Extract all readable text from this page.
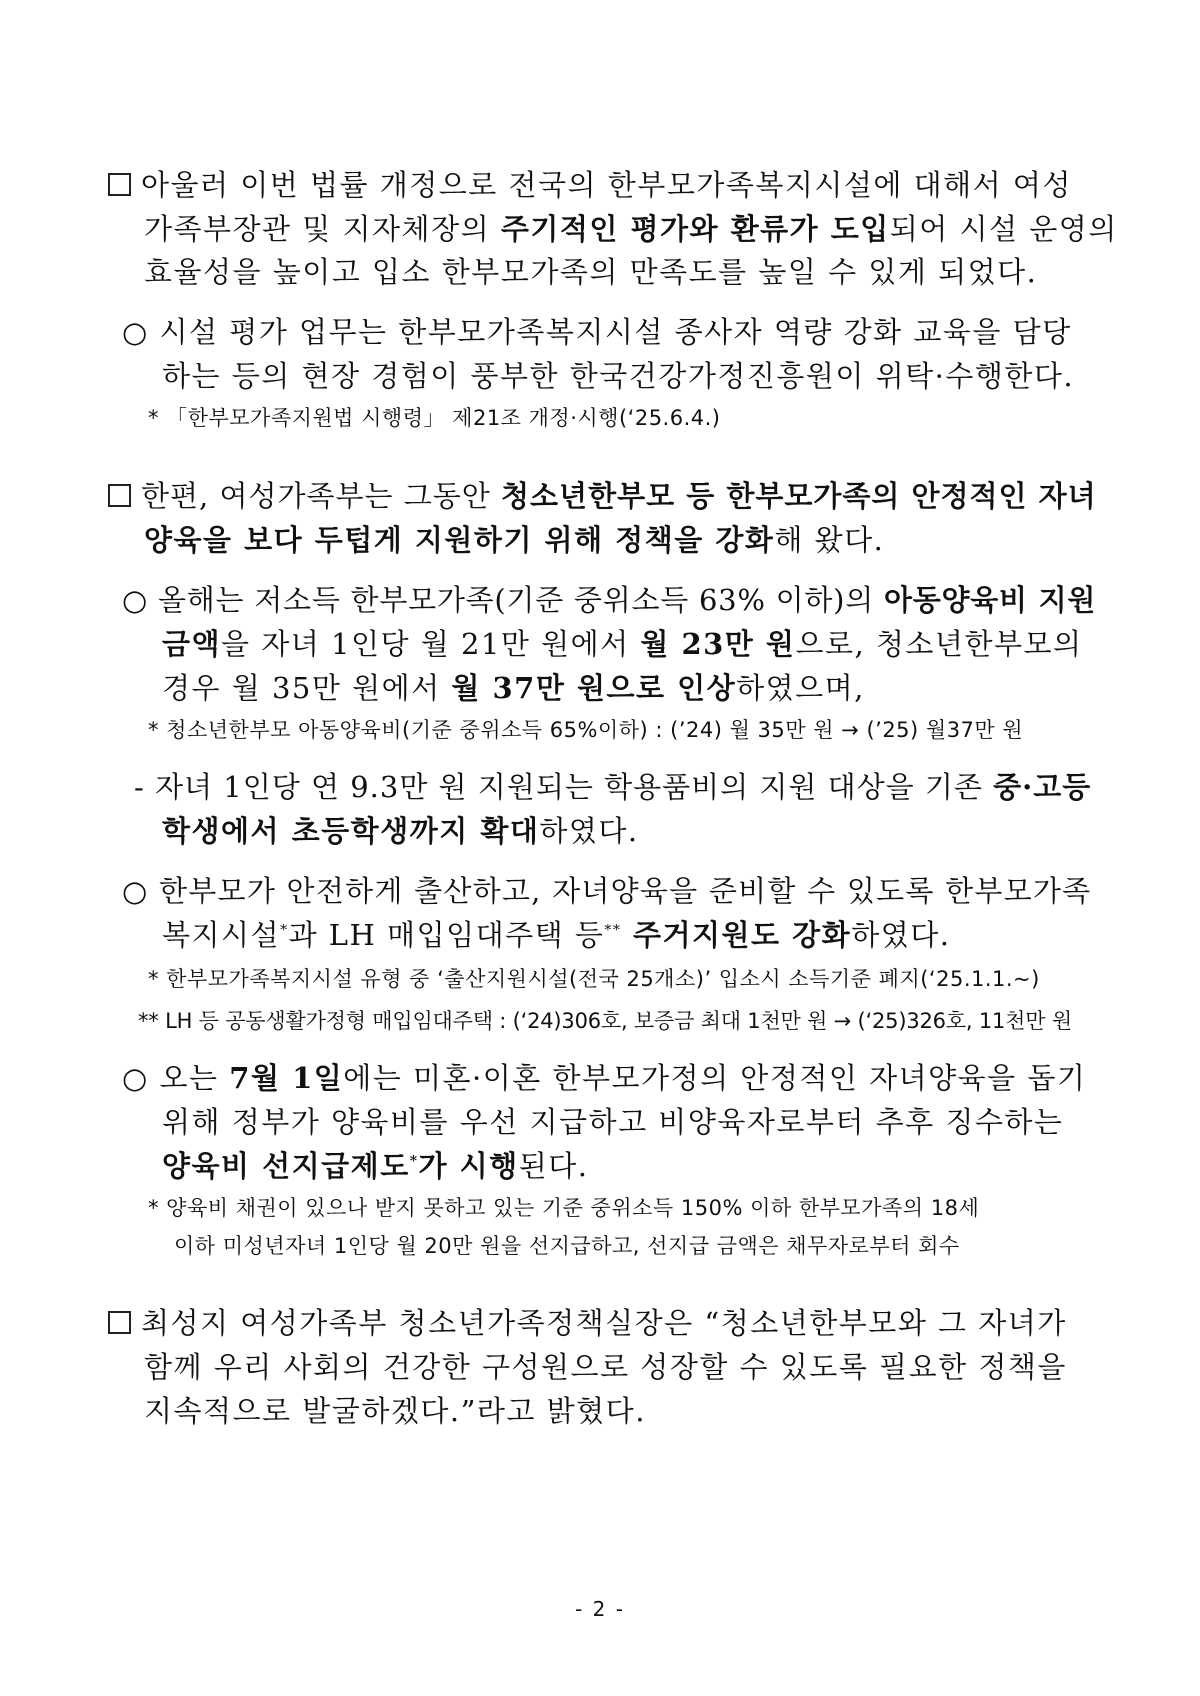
아울러 이번 법률 개정으로 전국의 한부모가족복지시설에 대해서 여성
가족부장관 및 지자체장의 주기적인 평가와 환류가 도입되어 시설 운영의
효율성을 높이고 입소 한부모가족의 만족도를 높일 수 있게 되었다.
○ 시설 평가 업무는 한부모가족복지시설 종사자 역량 강화 교육을 담당
하는 등의 현장 경험이 풍부한 한국건강가정진흥원이 위탁·수행한다.
* 「한부모가족지원법 시행령」 제21조 개정·시행(‘25.6.4.)
한편, 여성가족부는 그동안 청소년한부모 등 한부모가족의 안정적인 자녀
양육을 보다 두텁게 지원하기 위해 정책을 강화해 왔다.
○ 올해는 저소득 한부모가족(기준 중위소득 63% 이하)의 아동양육비 지원
금액을 자녀 1인당 월 21만 원에서 월 23만 원으로, 청소년한부모의
경우 월 35만 원에서 월 37만 원으로 인상하였으며,
* 청소년한부모 아동양육비(기준 중위소득 65%이하) : (’24) 월 35만 원 → (’25) 월37만 원
- 자녀 1인당 연 9.3만 원 지원되는 학용품비의 지원 대상을 기존 중·고등
학생에서 초등학생까지 확대하였다.
○ 한부모가 안전하게 출산하고, 자녀양육을 준비할 수 있도록 한부모가족
복지시설*과 LH 매입임대주택 등** 주거지원도 강화하였다.
* 한부모가족복지시설 유형 중 ‘출산지원시설(전국 25개소)’ 입소시 소득기준 폐지(‘25.1.1.~)
** LH 등 공동생활가정형 매입임대주택 : (‘24)306호, 보증금 최대 1천만 원 → (‘25)326호, 11천만 원
○ 오는 7월 1일에는 미혼·이혼 한부모가정의 안정적인 자녀양육을 돕기
위해 정부가 양육비를 우선 지급하고 비양육자로부터 추후 징수하는
양육비 선지급제도*가 시행된다.
* 양육비 채권이 있으나 받지 못하고 있는 기준 중위소득 150% 이하 한부모가족의 18세
이하 미성년자녀 1인당 월 20만 원을 선지급하고, 선지급 금액은 채무자로부터 회수
최성지 여성가족부 청소년가족정책실장은 “청소년한부모와 그 자녀가
함께 우리 사회의 건강한 구성원으로 성장할 수 있도록 필요한 정책을
지속적으로 발굴하겠다.”라고 밝혔다.
- 2 -
